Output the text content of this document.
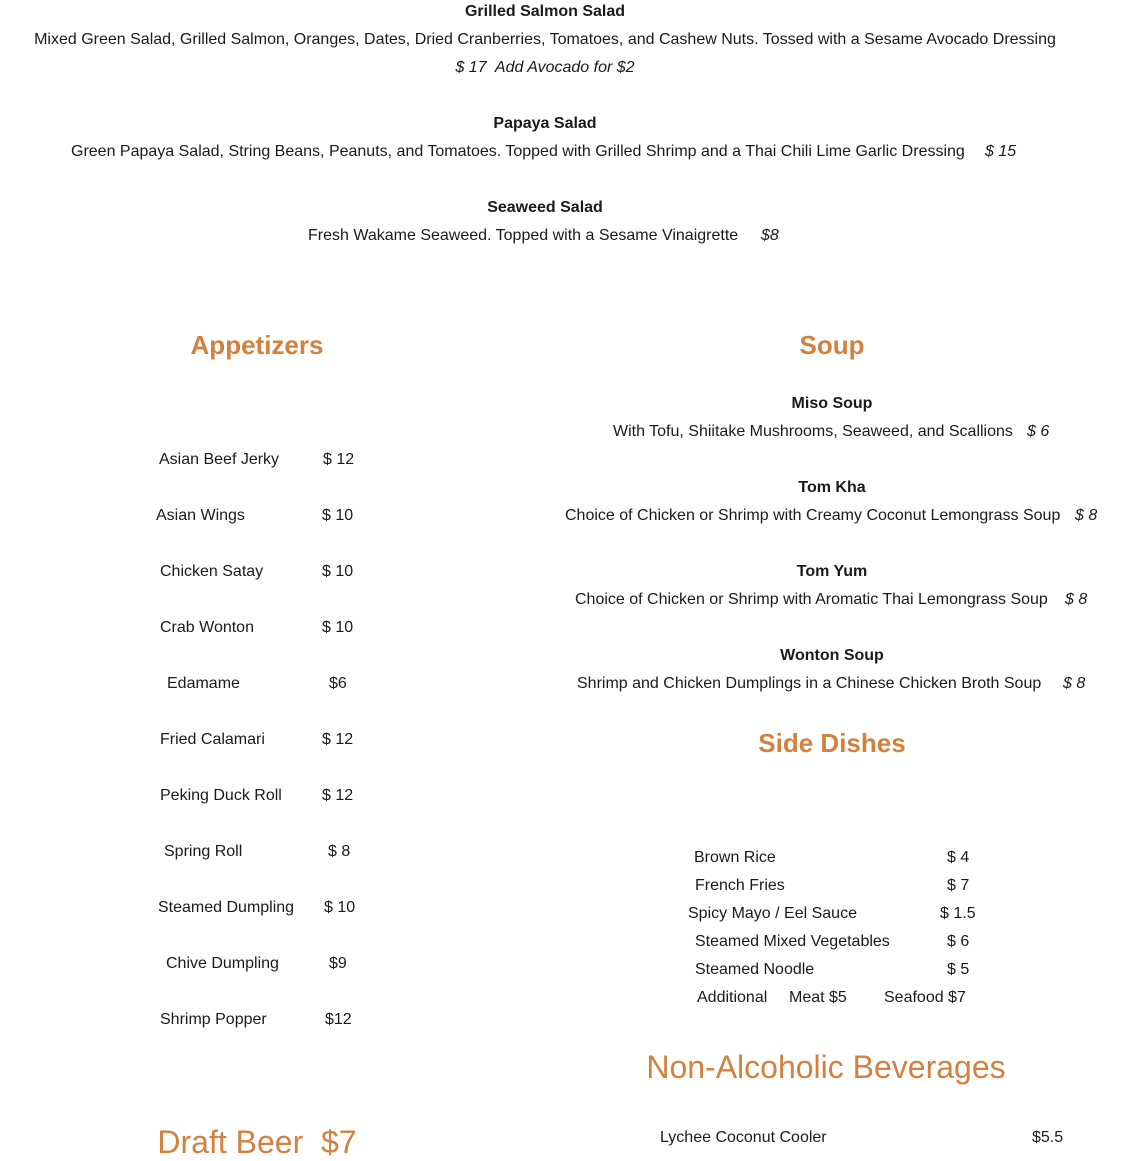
Grilled Salmon Salad
Mixed Green Salad, Grilled Salmon, Oranges, Dates, Dried Cranberries, Tomatoes, and Cashew Nuts. Tossed with a Sesame Avocado Dressing
$ 17  Add Avocado for $2
Papaya Salad
Green Papaya Salad, String Beans, Peanuts, and Tomatoes. Topped with Grilled Shrimp and a Thai Chili Lime Garlic Dressing $ 15
Seaweed Salad
Fresh Wakame Seaweed. Topped with a Sesame Vinaigrette $8
Appetizers
Asian Beef Jerky	$ 12
Asian Wings	$ 10
Chicken Satay	$ 10
Crab Wonton	$ 10
Edamame	$6
Fried Calamari	$ 12
Peking Duck Roll	$ 12
Spring Roll	$ 8
Steamed Dumpling $ 10
Chive Dumpling	$9
Shrimp Popper	$12
Draft Beer  $7
Soup
Miso Soup
With Tofu, Shiitake Mushrooms, Seaweed, and Scallions $ 6
Tom Kha
Choice of Chicken or Shrimp with Creamy Coconut Lemongrass Soup $ 8
Tom Yum
Choice of Chicken or Shrimp with Aromatic Thai Lemongrass Soup $ 8
Wonton Soup
Shrimp and Chicken Dumplings in a Chinese Chicken Broth Soup $ 8
Side Dishes
Brown Rice	$ 4
French Fries	$ 7
Spicy Mayo / Eel Sauce	$ 1.5
Steamed Mixed Vegetables	$ 6
Steamed Noodle	$ 5
Additional Meat $5 Seafood $7
Non-Alcoholic Beverages
Lychee Coconut Cooler	$5.5
